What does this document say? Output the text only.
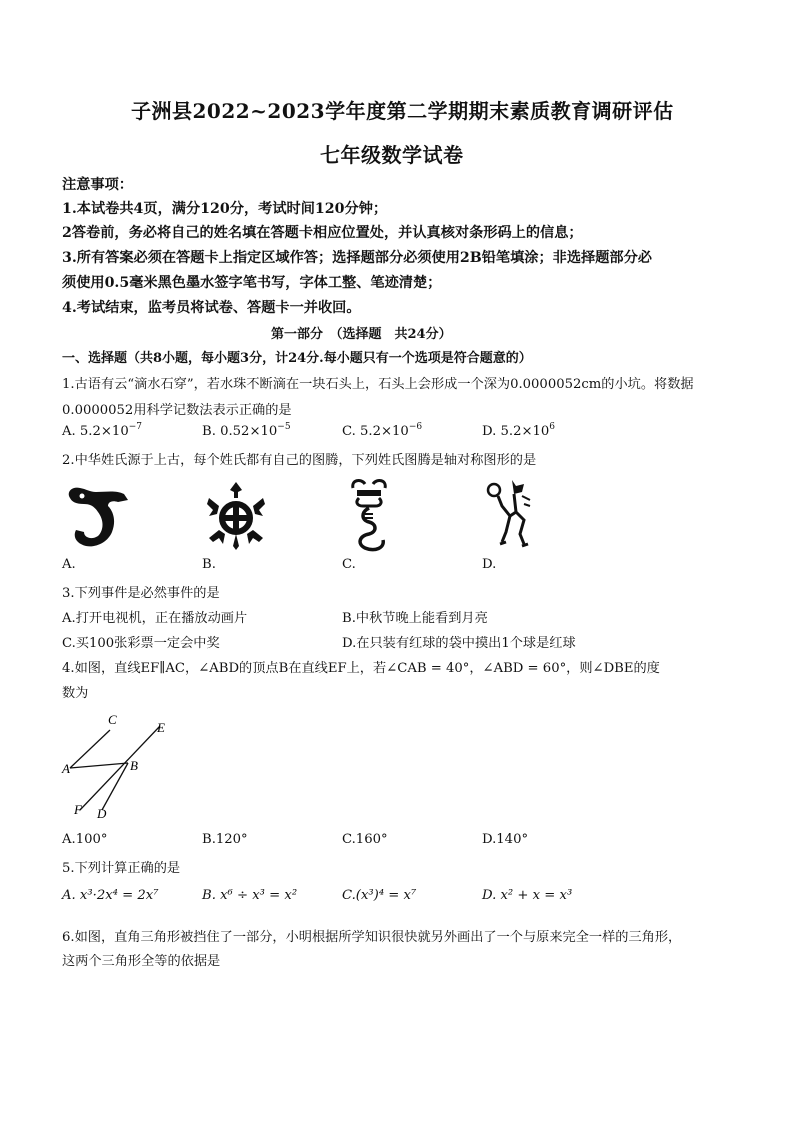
子洲县2022~2023学年度第二学期期末素质教育调研评估
七年级数学试卷
注意事项：
1.本试卷共4页，满分120分，考试时间120分钟；
2答卷前，务必将自己的姓名填在答题卡相应位置处，并认真核对条形码上的信息；
3.所有答案必须在答题卡上指定区域作答；选择题部分必须使用2B铅笔填涂；非选择题部分必
须使用0.5毫米黑色墨水签字笔书写，字体工整、笔迹清楚；
4.考试结束，监考员将试卷、答题卡一并收回。
第一部分　（选择题　共24分）
一、选择题（共8小题，每小题3分，计24分.每小题只有一个选项是符合题意的）
1.古语有云“滴水石穿”，若水珠不断滴在一块石头上，石头上会形成一个深为0.0000052cm的小坑。将数据
0.0000052用科学记数法表示正确的是
A. $5.2\times 10^{-7}$	B. $0.52\times 10^{-5}$	C. $5.2\times 10^{-6}$	D. $5.2\times 10^6$
2.中华姓氏源于上古，每个姓氏都有自己的图腾，下列姓氏图腾是轴对称图形的是
A.	B.	C.	D.
3.下列事件是必然事件的是
A.打开电视机，正在播放动画片	B.中秋节晚上能看到月亮
C.买100张彩票一定会中奖	D.在只装有红球的袋中摸出1个球是红球
4.如图，直线EF∥AC，∠ABD的顶点B在直线EF上，若∠CAB = 40°，∠ABD = 60°，则∠DBE的度
数为
C
E
A	B
F D
A.100°	B.120°	C.160°	D.140°
5.下列计算正确的是
A. x³·2x⁴ = 2x⁷	B. x⁶ ÷ x³ = x²	C.(x³)⁴ = x⁷	D. x² + x = x³
6.如图，直角三角形被挡住了一部分，小明根据所学知识很快就另外画出了一个与原来完全一样的三角形，
这两个三角形全等的依据是
